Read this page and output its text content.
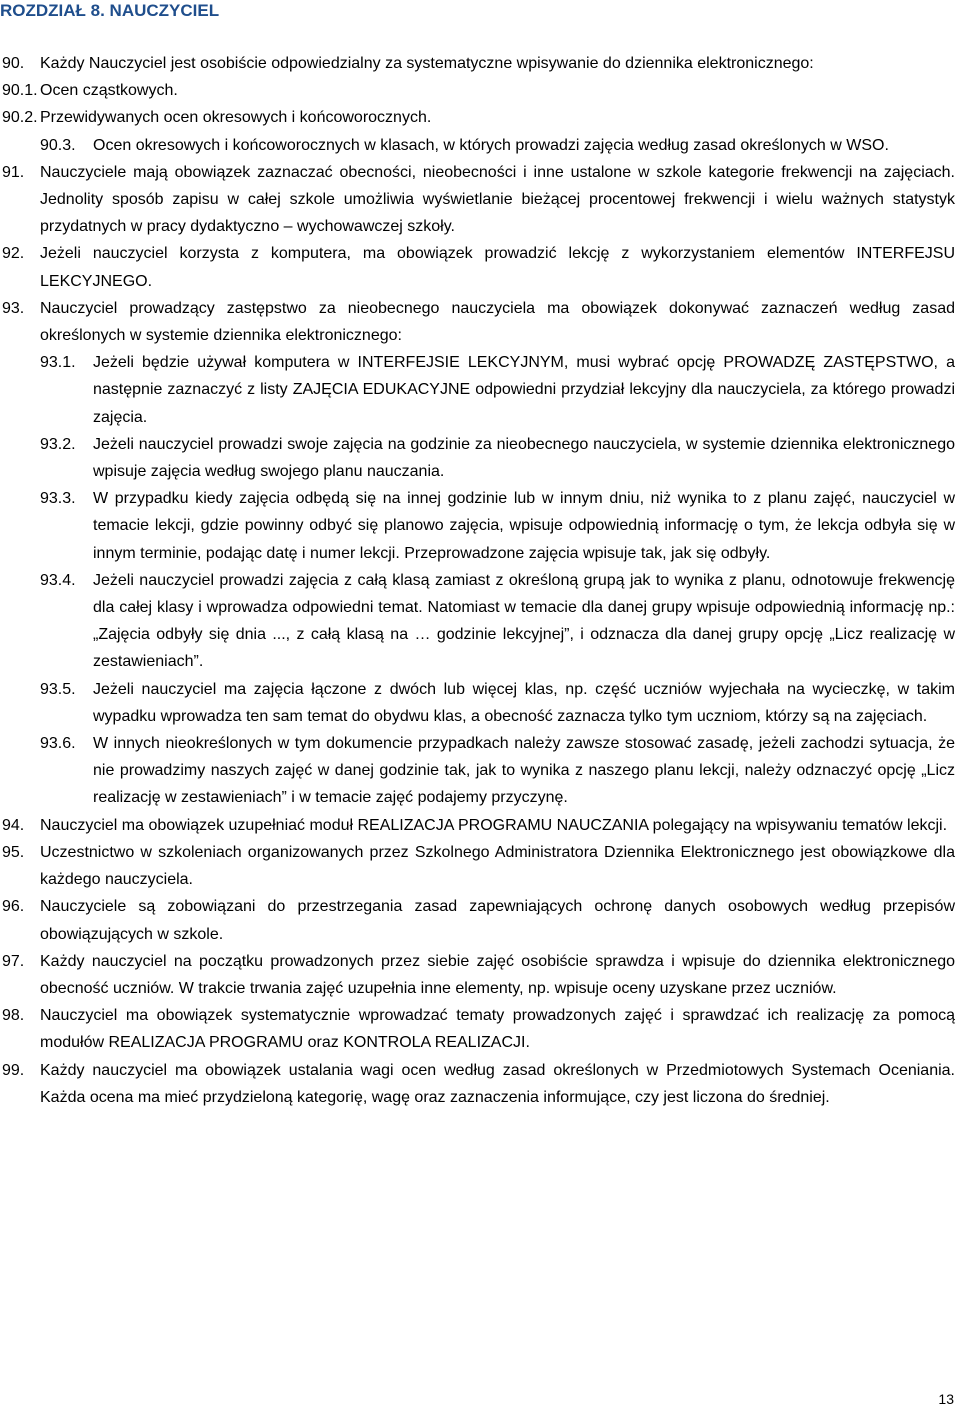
ROZDZIAŁ 8. NAUCZYCIEL
90. Każdy Nauczyciel jest osobiście odpowiedzialny za systematyczne wpisywanie do dziennika elektronicznego:
90.1. Ocen cząstkowych.
90.2. Przewidywanych ocen okresowych i końcoworocznych.
90.3. Ocen okresowych i końcoworocznych w klasach, w których prowadzi zajęcia według zasad określonych w WSO.
91. Nauczyciele mają obowiązek zaznaczać obecności, nieobecności i inne ustalone w szkole kategorie frekwencji na zajęciach. Jednolity sposób zapisu w całej szkole umożliwia wyświetlanie bieżącej procentowej frekwencji i wielu ważnych statystyk przydatnych w pracy dydaktyczno – wychowawczej szkoły.
92. Jeżeli nauczyciel korzysta z komputera, ma obowiązek prowadzić lekcję z wykorzystaniem elementów INTERFEJSU LEKCYJNEGO.
93. Nauczyciel prowadzący zastępstwo za nieobecnego nauczyciela ma obowiązek dokonywać zaznaczeń według zasad określonych w systemie dziennika elektronicznego:
93.1. Jeżeli będzie używał komputera w INTERFEJSIE LEKCYJNYM, musi wybrać opcję PROWADZĘ ZASTĘPSTWO, a następnie zaznaczyć z listy ZAJĘCIA EDUKACYJNE odpowiedni przydział lekcyjny dla nauczyciela, za którego prowadzi zajęcia.
93.2. Jeżeli nauczyciel prowadzi swoje zajęcia na godzinie za nieobecnego nauczyciela, w systemie dziennika elektronicznego wpisuje zajęcia według swojego planu nauczania.
93.3. W przypadku kiedy zajęcia odbędą się na innej godzinie lub w innym dniu, niż wynika to z planu zajęć, nauczyciel w temacie lekcji, gdzie powinny odbyć się planowo zajęcia, wpisuje odpowiednią informację o tym, że lekcja odbyła się w innym terminie, podając datę i numer lekcji. Przeprowadzone zajęcia wpisuje tak, jak się odbyły.
93.4. Jeżeli nauczyciel prowadzi zajęcia z całą klasą zamiast z określoną grupą jak to wynika z planu, odnotowuje frekwencję dla całej klasy i wprowadza odpowiedni temat. Natomiast w temacie dla danej grupy wpisuje odpowiednią informację np.: „Zajęcia odbyły się dnia ..., z całą klasą na … godzinie lekcyjnej”, i odznacza dla danej grupy opcję „Licz realizację w zestawieniach”.
93.5. Jeżeli nauczyciel ma zajęcia łączone z dwóch lub więcej klas, np. część uczniów wyjechała na wycieczkę, w takim wypadku wprowadza ten sam temat do obydwu klas, a obecność zaznacza tylko tym uczniom, którzy są na zajęciach.
93.6. W innych nieokreślonych w tym dokumencie przypadkach należy zawsze stosować zasadę, jeżeli zachodzi sytuacja, że nie prowadzimy naszych zajęć w danej godzinie tak, jak to wynika z naszego planu lekcji, należy odznaczyć opcję „Licz realizację w zestawieniach” i w temacie zajęć podajemy przyczynę.
94. Nauczyciel ma obowiązek uzupełniać moduł REALIZACJA PROGRAMU NAUCZANIA polegający na wpisywaniu tematów lekcji.
95. Uczestnictwo w szkoleniach organizowanych przez Szkolnego Administratora Dziennika Elektronicznego jest obowiązkowe dla każdego nauczyciela.
96. Nauczyciele są zobowiązani do przestrzegania zasad zapewniających ochronę danych osobowych według przepisów obowiązujących w szkole.
97. Każdy nauczyciel na początku prowadzonych przez siebie zajęć osobiście sprawdza i wpisuje do dziennika elektronicznego obecność uczniów. W trakcie trwania zajęć uzupełnia inne elementy, np. wpisuje oceny uzyskane przez uczniów.
98. Nauczyciel ma obowiązek systematycznie wprowadzać tematy prowadzonych zajęć i sprawdzać ich realizację za pomocą modułów REALIZACJA PROGRAMU oraz KONTROLA REALIZACJI.
99. Każdy nauczyciel ma obowiązek ustalania wagi ocen według zasad określonych w Przedmiotowych Systemach Oceniania. Każda ocena ma mieć przydzieloną kategorię, wagę oraz zaznaczenia informujące, czy jest liczona do średniej.
13
